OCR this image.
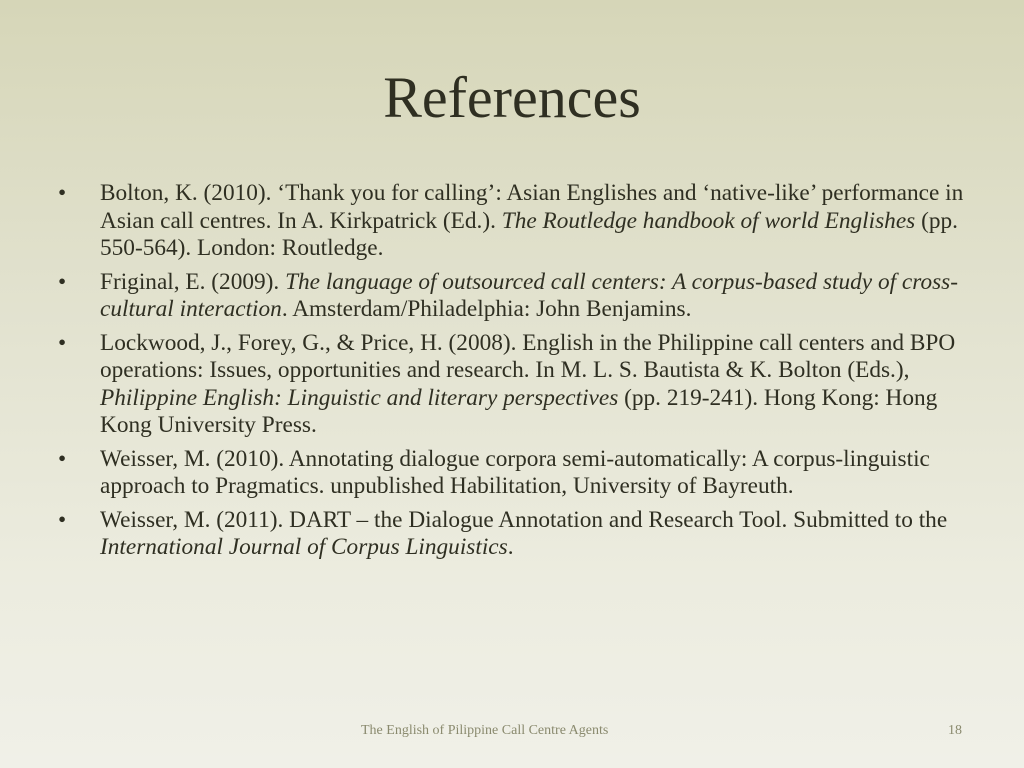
References
•	Bolton, K. (2010). ‘Thank you for calling’: Asian Englishes and ‘native-like’ performance in Asian call centres. In A. Kirkpatrick (Ed.). The Routledge handbook of world Englishes (pp. 550-564). London: Routledge.
•	Friginal, E. (2009). The language of outsourced call centers: A corpus-based study of cross-cultural interaction. Amsterdam/Philadelphia: John Benjamins.
•	Lockwood, J., Forey, G., & Price, H. (2008). English in the Philippine call centers and BPO operations: Issues, opportunities and research. In M. L. S. Bautista & K. Bolton (Eds.), Philippine English: Linguistic and literary perspectives (pp. 219-241). Hong Kong: Hong Kong University Press.
•	Weisser, M. (2010). Annotating dialogue corpora semi-automatically: A corpus-linguistic approach to Pragmatics. unpublished Habilitation, University of Bayreuth.
•	Weisser, M. (2011). DART – the Dialogue Annotation and Research Tool. Submitted to the International Journal of Corpus Linguistics.
The English of Pilippine Call Centre Agents	18
